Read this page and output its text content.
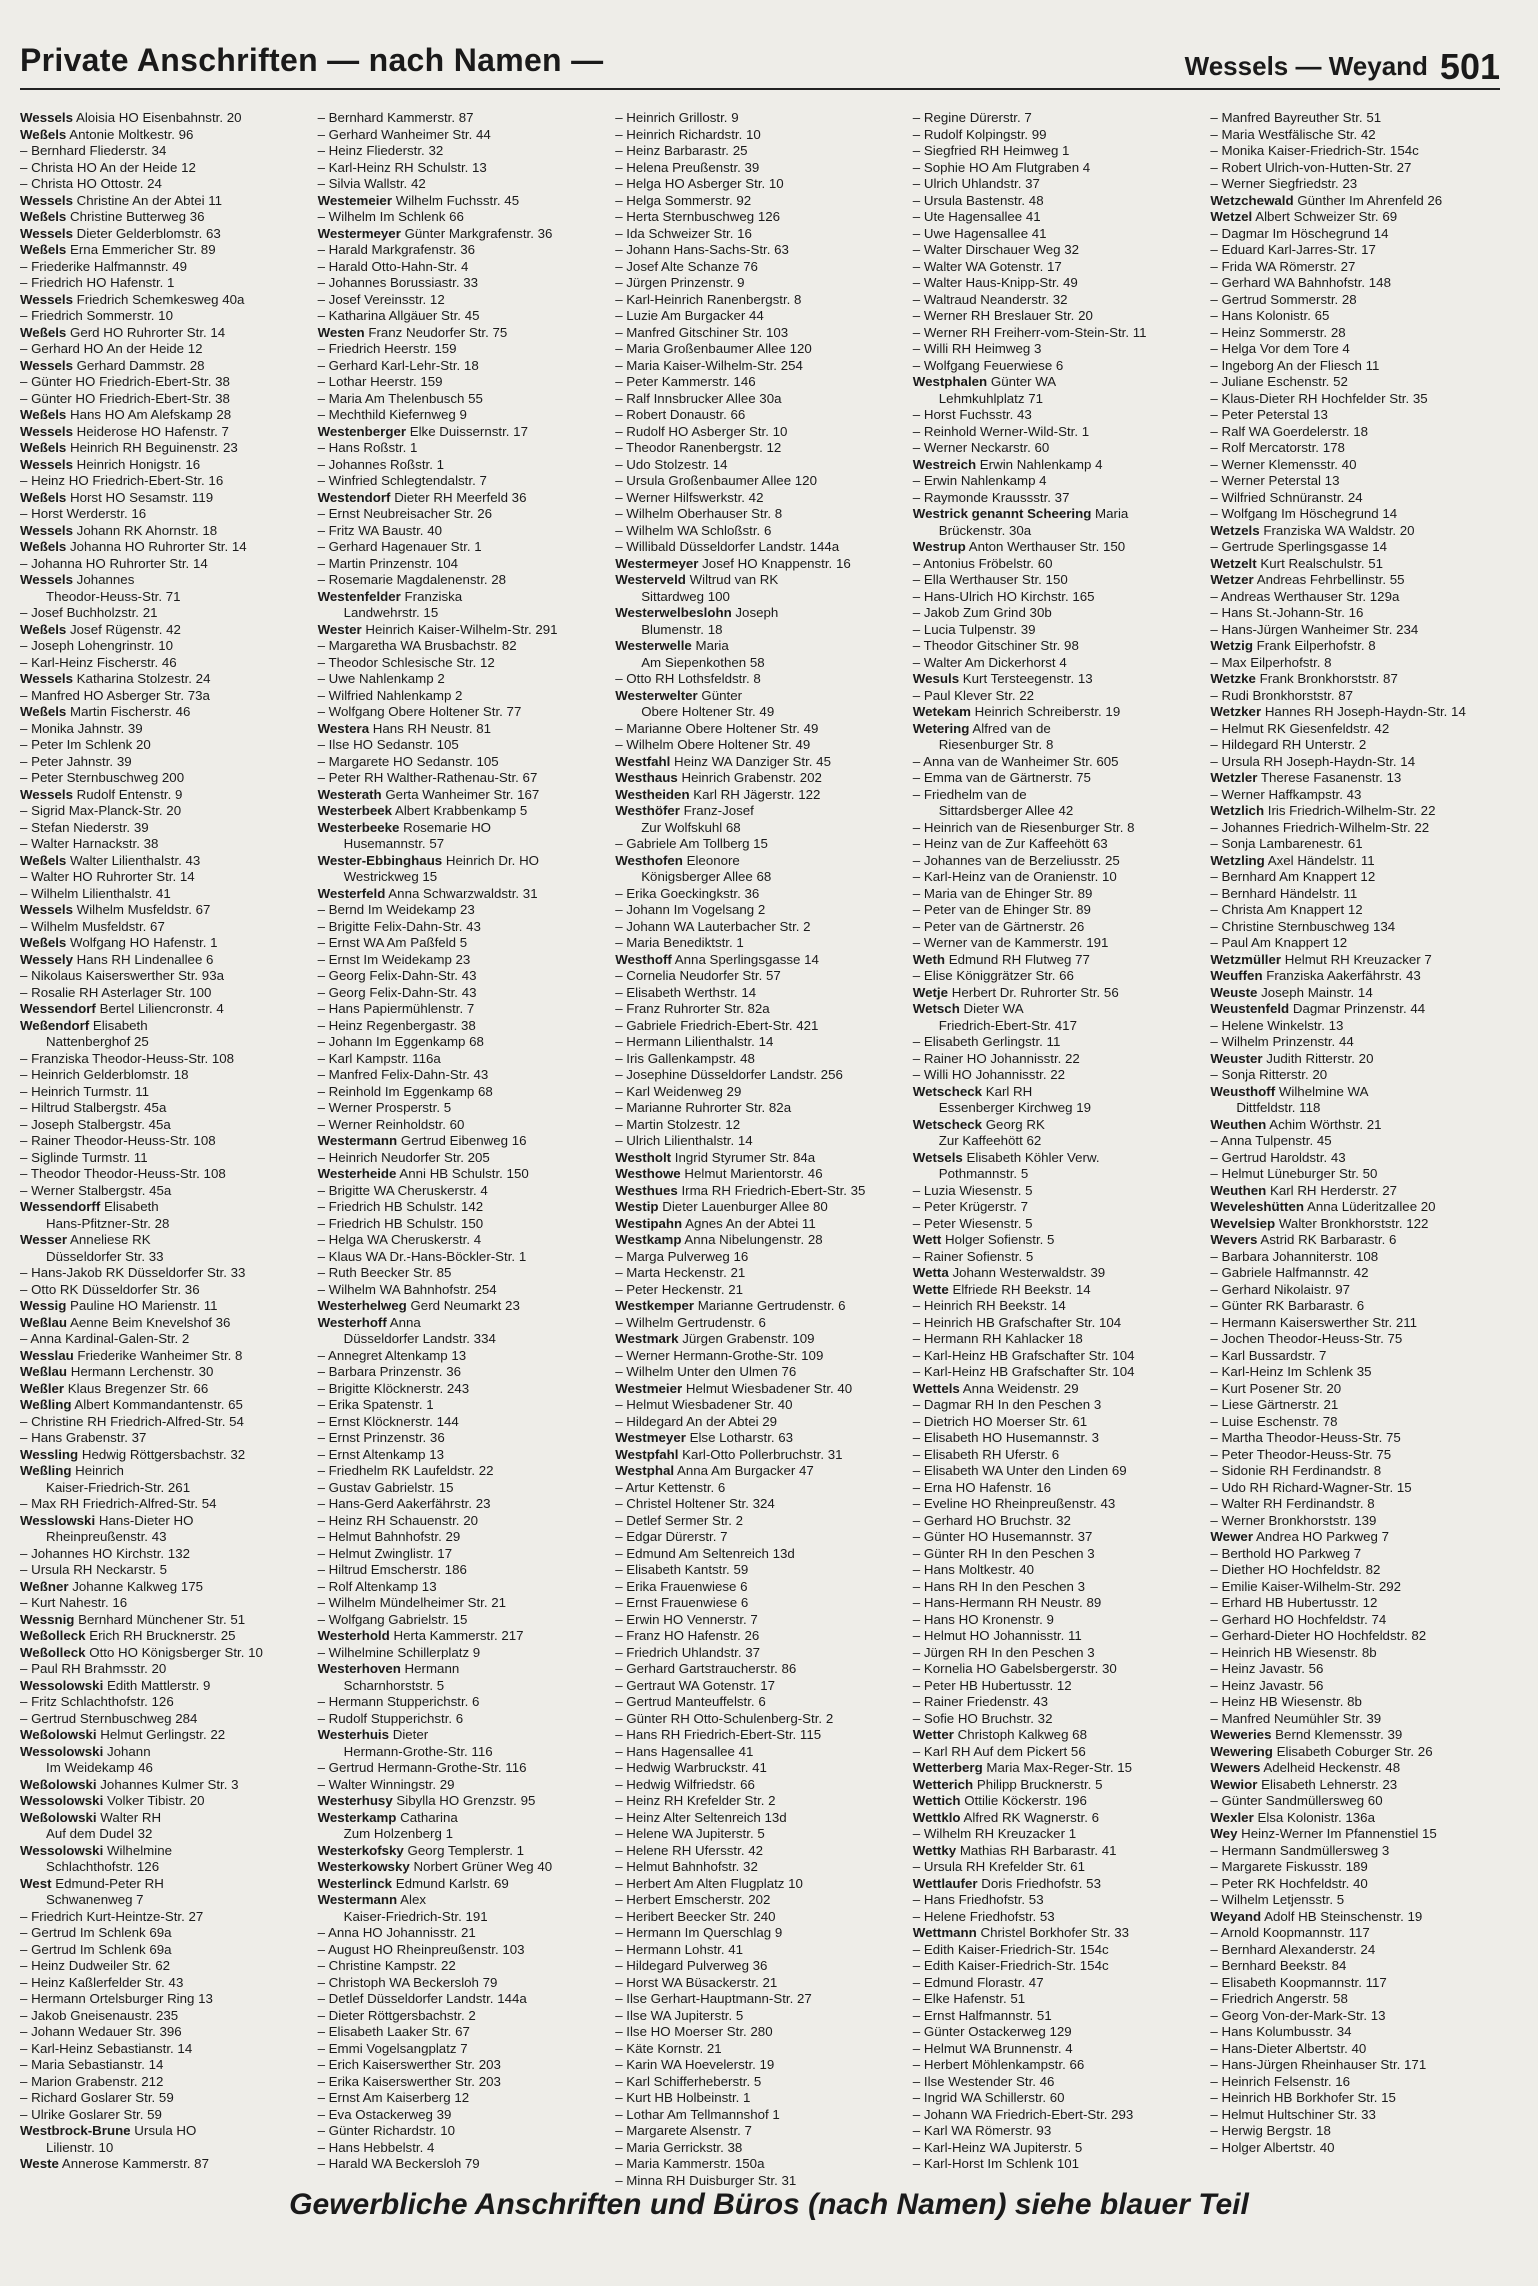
Private Anschriften — nach Namen —	Wessels — Weyand 501
Wessels Aloisia HO Eisenbahnstr. 20
Weßels Antonie Moltkestr. 96
– Bernhard Fliederstr. 34
– Christa HO An der Heide 12
– Christa HO Ottostr. 24
Wessels Christine An der Abtei 11
Weßels Christine Butterweg 36
Wessels Dieter Gelderblomstr. 63
Weßels Erna Emmericher Str. 89
– Friederike Halfmannstr. 49
– Friedrich HO Hafenstr. 1
Wessels Friedrich Schemkesweg 40a
– Friedrich Sommerstr. 10
Weßels Gerd HO Ruhrorter Str. 14
– Gerhard HO An der Heide 12
Wessels Gerhard Dammstr. 28
– Günter HO Friedrich-Ebert-Str. 38
– Günter HO Friedrich-Ebert-Str. 38
Weßels Hans HO Am Alefskamp 28
Wessels Heiderose HO Hafenstr. 7
Weßels Heinrich RH Beguinenstr. 23
Wessels Heinrich Honigstr. 16
– Heinz HO Friedrich-Ebert-Str. 16
Weßels Horst HO Sesamstr. 119
– Horst Werderstr. 16
Wessels Johann RK Ahornstr. 18
Weßels Johanna HO Ruhrorter Str. 14
– Johanna HO Ruhrorter Str. 14
Wessels Johannes
Theodor-Heuss-Str. 71
– Josef Buchholzstr. 21
Weßels Josef Rügenstr. 42
– Joseph Lohengrinstr. 10
– Karl-Heinz Fischerstr. 46
Wessels Katharina Stolzestr. 24
– Manfred HO Asberger Str. 73a
Weßels Martin Fischerstr. 46
– Monika Jahnstr. 39
– Peter Im Schlenk 20
– Peter Jahnstr. 39
– Peter Sternbuschweg 200
Wessels Rudolf Entenstr. 9
– Sigrid Max-Planck-Str. 20
– Stefan Niederstr. 39
– Walter Harnackstr. 38
Weßels Walter Lilienthalstr. 43
– Walter HO Ruhrorter Str. 14
– Wilhelm Lilienthalstr. 41
Wessels Wilhelm Musfeldstr. 67
– Wilhelm Musfeldstr. 67
Weßels Wolfgang HO Hafenstr. 1
Wessely Hans RH Lindenallee 6
– Nikolaus Kaiserswerther Str. 93a
– Rosalie RH Asterlager Str. 100
Wessendorf Bertel Liliencronstr. 4
Weßendorf Elisabeth
Nattenberghof 25
– Franziska Theodor-Heuss-Str. 108
– Heinrich Gelderblomstr. 18
– Heinrich Turmstr. 11
– Hiltrud Stalbergstr. 45a
– Joseph Stalbergstr. 45a
– Rainer Theodor-Heuss-Str. 108
– Siglinde Turmstr. 11
– Theodor Theodor-Heuss-Str. 108
– Werner Stalbergstr. 45a
Wessendorff Elisabeth
Hans-Pfitzner-Str. 28
Wesser Anneliese RK
Düsseldorfer Str. 33
– Hans-Jakob RK Düsseldorfer Str. 33
– Otto RK Düsseldorfer Str. 36
Wessig Pauline HO Marienstr. 11
Weßlau Aenne Beim Knevelshof 36
– Anna Kardinal-Galen-Str. 2
Wesslau Friederike Wanheimer Str. 8
Weßlau Hermann Lerchenstr. 30
Weßler Klaus Bregenzer Str. 66
Weßling Albert Kommandantenstr. 65
– Christine RH Friedrich-Alfred-Str. 54
– Hans Grabenstr. 37
Wessling Hedwig Röttgersbachstr. 32
Weßling Heinrich
Kaiser-Friedrich-Str. 261
– Max RH Friedrich-Alfred-Str. 54
Wesslowski Hans-Dieter HO
Rheinpreußenstr. 43
– Johannes HO Kirchstr. 132
– Ursula RH Neckarstr. 5
Weßner Johanne Kalkweg 175
– Kurt Nahestr. 16
Wessnig Bernhard Münchener Str. 51
Weßolleck Erich RH Brucknerstr. 25
Weßolleck Otto HO Königsberger Str. 10
– Paul RH Brahmsstr. 20
Wessolowski Edith Mattlerstr. 9
– Fritz Schlachthofstr. 126
– Gertrud Sternbuschweg 284
Weßolowski Helmut Gerlingstr. 22
Wessolowski Johann
Im Weidekamp 46
Weßolowski Johannes Kulmer Str. 3
Wessolowski Volker Tibistr. 20
Weßolowski Walter RH
Auf dem Dudel 32
Wessolowski Wilhelmine
Schlachthofstr. 126
West Edmund-Peter RH
Schwanenweg 7
– Friedrich Kurt-Heintze-Str. 27
– Gertrud Im Schlenk 69a
– Gertrud Im Schlenk 69a
– Heinz Dudweiler Str. 62
– Heinz Kaßlerfelder Str. 43
– Hermann Ortelsburger Ring 13
– Jakob Gneisenaustr. 235
– Johann Wedauer Str. 396
– Karl-Heinz Sebastianstr. 14
– Maria Sebastianstr. 14
– Marion Grabenstr. 212
– Richard Goslarer Str. 59
– Ulrike Goslarer Str. 59
Westbrock-Brune Ursula HO
Lilienstr. 10
Weste Annerose Kammerstr. 87
– Bernhard Kammerstr. 87
– Gerhard Wanheimer Str. 44
– Heinz Fliederstr. 32
– Karl-Heinz RH Schulstr. 13
– Silvia Wallstr. 42
Westemeier Wilhelm Fuchsstr. 45
– Wilhelm Im Schlenk 66
Westermeyer Günter Markgrafenstr. 36
– Harald Markgrafenstr. 36
– Harald Otto-Hahn-Str. 4
– Johannes Borussiastr. 33
– Josef Vereinsstr. 12
– Katharina Allgäuer Str. 45
Westen Franz Neudorfer Str. 75
– Friedrich Heerstr. 159
– Gerhard Karl-Lehr-Str. 18
– Lothar Heerstr. 159
– Maria Am Thelenbusch 55
– Mechthild Kiefernweg 9
Westenberger Elke Duissernstr. 17
– Hans Roßstr. 1
– Johannes Roßstr. 1
– Winfried Schlegtendalstr. 7
Westendorf Dieter RH Meerfeld 36
– Ernst Neubreisacher Str. 26
– Fritz WA Baustr. 40
– Gerhard Hagenauer Str. 1
– Martin Prinzenstr. 104
– Rosemarie Magdalenenstr. 28
Westenfelder Franziska
Landwehrstr. 15
Wester Heinrich Kaiser-Wilhelm-Str. 291
– Margaretha WA Brusbachstr. 82
– Theodor Schlesische Str. 12
– Uwe Nahlenkamp 2
– Wilfried Nahlenkamp 2
– Wolfgang Obere Holtener Str. 77
Westera Hans RH Neustr. 81
– Ilse HO Sedanstr. 105
– Margarete HO Sedanstr. 105
– Peter RH Walther-Rathenau-Str. 67
Westerath Gerta Wanheimer Str. 167
Westerbeek Albert Krabbenkamp 5
Westerbeeke Rosemarie HO
Husemannstr. 57
Wester-Ebbinghaus Heinrich Dr. HO
Westrickweg 15
Westerfeld Anna Schwarzwaldstr. 31
– Bernd Im Weidekamp 23
– Brigitte Felix-Dahn-Str. 43
– Ernst WA Am Paßfeld 5
– Ernst Im Weidekamp 23
– Georg Felix-Dahn-Str. 43
– Georg Felix-Dahn-Str. 43
– Hans Papiermühlenstr. 7
– Heinz Regenbergastr. 38
– Johann Im Eggenkamp 68
– Karl Kampstr. 116a
– Manfred Felix-Dahn-Str. 43
– Reinhold Im Eggenkamp 68
– Werner Prosperstr. 5
– Werner Reinholdstr. 60
Westermann Gertrud Eibenweg 16
– Heinrich Neudorfer Str. 205
Westerheide Anni HB Schulstr. 150
– Brigitte WA Cheruskerstr. 4
– Friedrich HB Schulstr. 142
– Friedrich HB Schulstr. 150
– Helga WA Cheruskerstr. 4
– Klaus WA Dr.-Hans-Böckler-Str. 1
– Ruth Beecker Str. 85
– Wilhelm WA Bahnhofstr. 254
Westerhelweg Gerd Neumarkt 23
Westerhoff Anna
Düsseldorfer Landstr. 334
– Annegret Altenkamp 13
– Barbara Prinzenstr. 36
– Brigitte Klöcknerstr. 243
– Erika Spatenstr. 1
– Ernst Klöcknerstr. 144
– Ernst Prinzenstr. 36
– Ernst Altenkamp 13
– Friedhelm RK Laufeldstr. 22
– Gustav Gabrielstr. 15
– Hans-Gerd Aakerfährstr. 23
– Heinz RH Schauenstr. 20
– Helmut Bahnhofstr. 29
– Helmut Zwinglistr. 17
– Hiltrud Emscherstr. 186
– Rolf Altenkamp 13
– Wilhelm Mündelheimer Str. 21
– Wolfgang Gabrielstr. 15
Westerhold Herta Kammerstr. 217
– Wilhelmine Schillerplatz 9
Westerhoven Hermann
Scharnhorststr. 5
– Hermann Stupperichstr. 6
– Rudolf Stupperichstr. 6
Westerhuis Dieter
Hermann-Grothe-Str. 116
– Gertrud Hermann-Grothe-Str. 116
– Walter Winningstr. 29
Westerhusy Sibylla HO Grenzstr. 95
Westerkamp Catharina
Zum Holzenberg 1
Westerkofsky Georg Templerstr. 1
Westerkowsky Norbert Grüner Weg 40
Westerlinck Edmund Karlstr. 69
Westermann Alex
Kaiser-Friedrich-Str. 191
– Anna HO Johannisstr. 21
– August HO Rheinpreußenstr. 103
– Christine Kampstr. 22
– Christoph WA Beckersloh 79
– Detlef Düsseldorfer Landstr. 144a
– Dieter Röttgersbachstr. 2
– Elisabeth Laaker Str. 67
– Emmi Vogelsangplatz 7
– Erich Kaiserswerther Str. 203
– Erika Kaiserswerther Str. 203
– Ernst Am Kaiserberg 12
– Eva Ostackerweg 39
– Günter Richardstr. 10
– Hans Hebbelstr. 4
– Harald WA Beckersloh 79
– Heinrich Grillostr. 9
– Heinrich Richardstr. 10
– Heinz Barbarastr. 25
– Helena Preußenstr. 39
– Helga HO Asberger Str. 10
– Helga Sommerstr. 92
– Herta Sternbuschweg 126
– Ida Schweizer Str. 16
– Johann Hans-Sachs-Str. 63
– Josef Alte Schanze 76
– Jürgen Prinzenstr. 9
– Karl-Heinrich Ranenbergstr. 8
– Luzie Am Burgacker 44
– Manfred Gitschiner Str. 103
– Maria Großenbaumer Allee 120
– Maria Kaiser-Wilhelm-Str. 254
– Peter Kammerstr. 146
– Ralf Innsbrucker Allee 30a
– Robert Donaustr. 66
– Rudolf HO Asberger Str. 10
– Theodor Ranenbergstr. 12
– Udo Stolzestr. 14
– Ursula Großenbaumer Allee 120
– Werner Hilfswerkstr. 42
– Wilhelm Oberhauser Str. 8
– Wilhelm WA Schloßstr. 6
– Willibald Düsseldorfer Landstr. 144a
Westermeyer Josef HO Knappenstr. 16
Westerveld Wiltrud van RK
Sittardweg 100
Westerwelbeslohn Joseph
Blumenstr. 18
Westerwelle Maria
Am Siepenkothen 58
– Otto RH Lothsfeldstr. 8
Westerwelter Günter
Obere Holtener Str. 49
– Marianne Obere Holtener Str. 49
– Wilhelm Obere Holtener Str. 49
Westfahl Heinz WA Danziger Str. 45
Westhaus Heinrich Grabenstr. 202
Westheiden Karl RH Jägerstr. 122
Westhöfer Franz-Josef
Zur Wolfskuhl 68
– Gabriele Am Tollberg 15
Westhofen Eleonore
Königsberger Allee 68
– Erika Goeckingkstr. 36
– Johann Im Vogelsang 2
– Johann WA Lauterbacher Str. 2
– Maria Benediktstr. 1
Westhoff Anna Sperlingsgasse 14
– Cornelia Neudorfer Str. 57
– Elisabeth Werthstr. 14
– Franz Ruhrorter Str. 82a
– Gabriele Friedrich-Ebert-Str. 421
– Hermann Lilienthalstr. 14
– Iris Gallenkampstr. 48
– Josephine Düsseldorfer Landstr. 256
– Karl Weidenweg 29
– Marianne Ruhrorter Str. 82a
– Martin Stolzestr. 12
– Ulrich Lilienthalstr. 14
Westholt Ingrid Styrumer Str. 84a
Westhowe Helmut Marientorstr. 46
Westhues Irma RH Friedrich-Ebert-Str. 35
Westip Dieter Lauenburger Allee 80
Westipahn Agnes An der Abtei 11
Westkamp Anna Nibelungenstr. 28
– Marga Pulverweg 16
– Marta Heckenstr. 21
– Peter Heckenstr. 21
Westkemper Marianne Gertrudenstr. 6
– Wilhelm Gertrudenstr. 6
Westmark Jürgen Grabenstr. 109
– Werner Hermann-Grothe-Str. 109
– Wilhelm Unter den Ulmen 76
Westmeier Helmut Wiesbadener Str. 40
– Helmut Wiesbadener Str. 40
– Hildegard An der Abtei 29
Westmeyer Else Lotharstr. 63
Westpfahl Karl-Otto Pollerbruchstr. 31
Westphal Anna Am Burgacker 47
– Artur Kettenstr. 6
– Christel Holtener Str. 324
– Detlef Sermer Str. 2
– Edgar Dürerstr. 7
– Edmund Am Seltenreich 13d
– Elisabeth Kantstr. 59
– Erika Frauenwiese 6
– Ernst Frauenwiese 6
– Erwin HO Vennerstr. 7
– Franz HO Hafenstr. 26
– Friedrich Uhlandstr. 37
– Gerhard Gartstraucherstr. 86
– Gertraut WA Gotenstr. 17
– Gertrud Manteuffelstr. 6
– Günter RH Otto-Schulenberg-Str. 2
– Hans RH Friedrich-Ebert-Str. 115
– Hans Hagensallee 41
– Hedwig Warbruckstr. 41
– Hedwig Wilfriedstr. 66
– Heinz RH Krefelder Str. 2
– Heinz Alter Seltenreich 13d
– Helene WA Jupiterstr. 5
– Helene RH Ufersstr. 42
– Helmut Bahnhofstr. 32
– Herbert Am Alten Flugplatz 10
– Herbert Emscherstr. 202
– Heribert Beecker Str. 240
– Hermann Im Querschlag 9
– Hermann Lohstr. 41
– Hildegard Pulverweg 36
– Horst WA Büsackerstr. 21
– Ilse Gerhart-Hauptmann-Str. 27
– Ilse WA Jupiterstr. 5
– Ilse HO Moerser Str. 280
– Käte Kornstr. 21
– Karin WA Hoevelerstr. 19
– Karl Schifferheberstr. 5
– Kurt HB Holbeinstr. 1
– Lothar Am Tellmannshof 1
– Margarete Alsenstr. 7
– Maria Gerrickstr. 38
– Maria Kammerstr. 150a
– Minna RH Duisburger Str. 31
– Regine Dürerstr. 7
– Rudolf Kolpingstr. 99
– Siegfried RH Heimweg 1
– Sophie HO Am Flutgraben 4
– Ulrich Uhlandstr. 37
– Ursula Bastenstr. 48
– Ute Hagensallee 41
– Uwe Hagensallee 41
– Walter Dirschauer Weg 32
– Walter WA Gotenstr. 17
– Walter Haus-Knipp-Str. 49
– Waltraud Neanderstr. 32
– Werner RH Breslauer Str. 20
– Werner RH Freiherr-vom-Stein-Str. 11
– Willi RH Heimweg 3
– Wolfgang Feuerwiese 6
Westphalen Günter WA
Lehmkuhlplatz 71
– Horst Fuchsstr. 43
– Reinhold Werner-Wild-Str. 1
– Werner Neckarstr. 60
Westreich Erwin Nahlenkamp 4
– Erwin Nahlenkamp 4
– Raymonde Kraussstr. 37
Westrick genannt Scheering Maria
Brückenstr. 30a
Westrup Anton Werthauser Str. 150
– Antonius Fröbelstr. 60
– Ella Werthauser Str. 150
– Hans-Ulrich HO Kirchstr. 165
– Jakob Zum Grind 30b
– Lucia Tulpenstr. 39
– Theodor Gitschiner Str. 98
– Walter Am Dickerhorst 4
Wesuls Kurt Tersteegenstr. 13
– Paul Klever Str. 22
Wetekam Heinrich Schreiberstr. 19
Wetering Alfred van de
Riesenburger Str. 8
– Anna van de Wanheimer Str. 605
– Emma van de Gärtnerstr. 75
– Friedhelm van de
Sittardsberger Allee 42
– Heinrich van de Riesenburger Str. 8
– Heinz van de Zur Kaffeehött 63
– Johannes van de Berzeliusstr. 25
– Karl-Heinz van de Oranienstr. 10
– Maria van de Ehinger Str. 89
– Peter van de Ehinger Str. 89
– Peter van de Gärtnerstr. 26
– Werner van de Kammerstr. 191
Weth Edmund RH Flutweg 77
– Elise Königgrätzer Str. 66
Wetje Herbert Dr. Ruhrorter Str. 56
Wetsch Dieter WA
Friedrich-Ebert-Str. 417
– Elisabeth Gerlingstr. 11
– Rainer HO Johannisstr. 22
– Willi HO Johannisstr. 22
Wetscheck Karl RH
Essenberger Kirchweg 19
Wetscheck Georg RK
Zur Kaffeehött 62
Wetsels Elisabeth Köhler Verw.
Pothmannstr. 5
– Luzia Wiesenstr. 5
– Peter Krügerstr. 7
– Peter Wiesenstr. 5
Wett Holger Sofienstr. 5
– Rainer Sofienstr. 5
Wetta Johann Westerwaldstr. 39
Wette Elfriede RH Beekstr. 14
– Heinrich RH Beekstr. 14
– Heinrich HB Grafschafter Str. 104
– Hermann RH Kahlacker 18
– Karl-Heinz HB Grafschafter Str. 104
– Karl-Heinz HB Grafschafter Str. 104
Wettels Anna Weidenstr. 29
– Dagmar RH In den Peschen 3
– Dietrich HO Moerser Str. 61
– Elisabeth HO Husemannstr. 3
– Elisabeth RH Uferstr. 6
– Elisabeth WA Unter den Linden 69
– Erna HO Hafenstr. 16
– Eveline HO Rheinpreußenstr. 43
– Gerhard HO Bruchstr. 32
– Günter HO Husemannstr. 37
– Günter RH In den Peschen 3
– Hans Moltkestr. 40
– Hans RH In den Peschen 3
– Hans-Hermann RH Neustr. 89
– Hans HO Kronenstr. 9
– Helmut HO Johannisstr. 11
– Jürgen RH In den Peschen 3
– Kornelia HO Gabelsbergerstr. 30
– Peter HB Hubertusstr. 12
– Rainer Friedenstr. 43
– Sofie HO Bruchstr. 32
Wetter Christoph Kalkweg 68
– Karl RH Auf dem Pickert 56
Wetterberg Maria Max-Reger-Str. 15
Wetterich Philipp Brucknerstr. 5
Wettich Ottilie Köckerstr. 196
Wettklo Alfred RK Wagnerstr. 6
– Wilhelm RH Kreuzacker 1
Wettky Mathias RH Barbarastr. 41
– Ursula RH Krefelder Str. 61
Wettlaufer Doris Friedhofstr. 53
– Hans Friedhofstr. 53
– Helene Friedhofstr. 53
Wettmann Christel Borkhofer Str. 33
– Edith Kaiser-Friedrich-Str. 154c
– Edith Kaiser-Friedrich-Str. 154c
– Edmund Florastr. 47
– Elke Hafenstr. 51
– Ernst Halfmannstr. 51
– Günter Ostackerweg 129
– Helmut WA Brunnenstr. 4
– Herbert Möhlenkampstr. 66
– Ilse Westender Str. 46
– Ingrid WA Schillerstr. 60
– Johann WA Friedrich-Ebert-Str. 293
– Karl WA Römerstr. 93
– Karl-Heinz WA Jupiterstr. 5
– Karl-Horst Im Schlenk 101
– Manfred Bayreuther Str. 51
– Maria Westfälische Str. 42
– Monika Kaiser-Friedrich-Str. 154c
– Robert Ulrich-von-Hutten-Str. 27
– Werner Siegfriedstr. 23
Wetzchewald Günther Im Ahrenfeld 26
Wetzel Albert Schweizer Str. 69
– Dagmar Im Höschegrund 14
– Eduard Karl-Jarres-Str. 17
– Frida WA Römerstr. 27
– Gerhard WA Bahnhofstr. 148
– Gertrud Sommerstr. 28
– Hans Kolonistr. 65
– Heinz Sommerstr. 28
– Helga Vor dem Tore 4
– Ingeborg An der Fliesch 11
– Juliane Eschenstr. 52
– Klaus-Dieter RH Hochfelder Str. 35
– Peter Peterstal 13
– Ralf WA Goerdelerstr. 18
– Rolf Mercatorstr. 178
– Werner Klemensstr. 40
– Werner Peterstal 13
– Wilfried Schnüranstr. 24
– Wolfgang Im Höschegrund 14
Wetzels Franziska WA Waldstr. 20
– Gertrude Sperlingsgasse 14
Wetzelt Kurt Realschulstr. 51
Wetzer Andreas Fehrbellinstr. 55
– Andreas Werthauser Str. 129a
– Hans St.-Johann-Str. 16
– Hans-Jürgen Wanheimer Str. 234
Wetzig Frank Eilperhofstr. 8
– Max Eilperhofstr. 8
Wetzke Frank Bronkhorststr. 87
– Rudi Bronkhorststr. 87
Wetzker Hannes RH Joseph-Haydn-Str. 14
– Helmut RK Giesenfeldstr. 42
– Hildegard RH Unterstr. 2
– Ursula RH Joseph-Haydn-Str. 14
Wetzler Therese Fasanenstr. 13
– Werner Haffkampstr. 43
Wetzlich Iris Friedrich-Wilhelm-Str. 22
– Johannes Friedrich-Wilhelm-Str. 22
– Sonja Lambarenestr. 61
Wetzling Axel Händelstr. 11
– Bernhard Am Knappert 12
– Bernhard Händelstr. 11
– Christa Am Knappert 12
– Christine Sternbuschweg 134
– Paul Am Knappert 12
Wetzmüller Helmut RH Kreuzacker 7
Weuffen Franziska Aakerfährstr. 43
Weuste Joseph Mainstr. 14
Weustenfeld Dagmar Prinzenstr. 44
– Helene Winkelstr. 13
– Wilhelm Prinzenstr. 44
Weuster Judith Ritterstr. 20
– Sonja Ritterstr. 20
Weusthoff Wilhelmine WA
Dittfeldstr. 118
Weuthen Achim Wörthstr. 21
– Anna Tulpenstr. 45
– Gertrud Haroldstr. 43
– Helmut Lüneburger Str. 50
Weuthen Karl RH Herderstr. 27
Weveleshütten Anna Lüderitzallee 20
Wevelsiep Walter Bronkhorststr. 122
Wevers Astrid RK Barbarastr. 6
– Barbara Johanniterstr. 108
– Gabriele Halfmannstr. 42
– Gerhard Nikolaistr. 97
– Günter RK Barbarastr. 6
– Hermann Kaiserswerther Str. 211
– Jochen Theodor-Heuss-Str. 75
– Karl Bussardstr. 7
– Karl-Heinz Im Schlenk 35
– Kurt Posener Str. 20
– Liese Gärtnerstr. 21
– Luise Eschenstr. 78
– Martha Theodor-Heuss-Str. 75
– Peter Theodor-Heuss-Str. 75
– Sidonie RH Ferdinandstr. 8
– Udo RH Richard-Wagner-Str. 15
– Walter RH Ferdinandstr. 8
– Werner Bronkhorststr. 139
Wewer Andrea HO Parkweg 7
– Berthold HO Parkweg 7
– Diether HO Hochfeldstr. 82
– Emilie Kaiser-Wilhelm-Str. 292
– Erhard HB Hubertusstr. 12
– Gerhard HO Hochfeldstr. 74
– Gerhard-Dieter HO Hochfeldstr. 82
– Heinrich HB Wiesenstr. 8b
– Heinz Javastr. 56
– Heinz Javastr. 56
– Heinz HB Wiesenstr. 8b
– Manfred Neumühler Str. 39
Weweries Bernd Klemensstr. 39
Wewering Elisabeth Coburger Str. 26
Wewers Adelheid Heckenstr. 48
Wewior Elisabeth Lehnerstr. 23
– Günter Sandmüllersweg 60
Wexler Elsa Kolonistr. 136a
Wey Heinz-Werner Im Pfannenstiel 15
– Hermann Sandmüllersweg 3
– Margarete Fiskusstr. 189
– Peter RK Hochfeldstr. 40
– Wilhelm Letjensstr. 5
Weyand Adolf HB Steinschenstr. 19
– Arnold Koopmannstr. 117
– Bernhard Alexanderstr. 24
– Bernhard Beekstr. 84
– Elisabeth Koopmannstr. 117
– Friedrich Angerstr. 58
– Georg Von-der-Mark-Str. 13
– Hans Kolumbusstr. 34
– Hans-Dieter Albertstr. 40
– Hans-Jürgen Rheinhauser Str. 171
– Heinrich Felsenstr. 16
– Heinrich HB Borkhofer Str. 15
– Helmut Hultschiner Str. 33
– Herwig Bergstr. 18
– Holger Albertstr. 40
Gewerbliche Anschriften und Büros (nach Namen) siehe blauer Teil
